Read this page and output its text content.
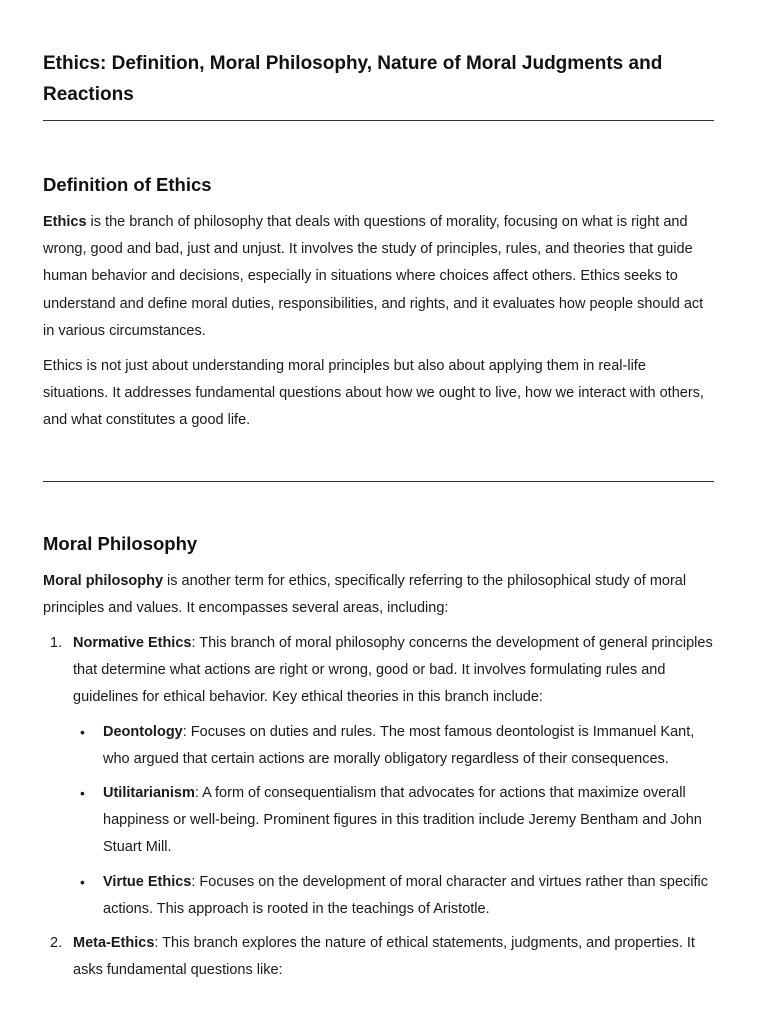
Ethics: Definition, Moral Philosophy, Nature of Moral Judgments and Reactions
Definition of Ethics

Ethics is the branch of philosophy that deals with questions of morality, focusing on what is right and wrong, good and bad, just and unjust. It involves the study of principles, rules, and theories that guide human behavior and decisions, especially in situations where choices affect others. Ethics seeks to understand and define moral duties, responsibilities, and rights, and it evaluates how people should act in various circumstances.

Ethics is not just about understanding moral principles but also about applying them in real-life situations. It addresses fundamental questions about how we ought to live, how we interact with others, and what constitutes a good life.

Moral Philosophy

Moral philosophy is another term for ethics, specifically referring to the philosophical study of moral principles and values. It encompasses several areas, including:

1. Normative Ethics: This branch of moral philosophy concerns the development of general principles that determine what actions are right or wrong, good or bad. It involves formulating rules and guidelines for ethical behavior. Key ethical theories in this branch include:
• Deontology: Focuses on duties and rules. The most famous deontologist is Immanuel Kant, who argued that certain actions are morally obligatory regardless of their consequences.
• Utilitarianism: A form of consequentialism that advocates for actions that maximize overall happiness or well-being. Prominent figures in this tradition include Jeremy Bentham and John Stuart Mill.
• Virtue Ethics: Focuses on the development of moral character and virtues rather than specific actions. This approach is rooted in the teachings of Aristotle.
2. Meta-Ethics: This branch explores the nature of ethical statements, judgments, and properties. It asks fundamental questions like:
